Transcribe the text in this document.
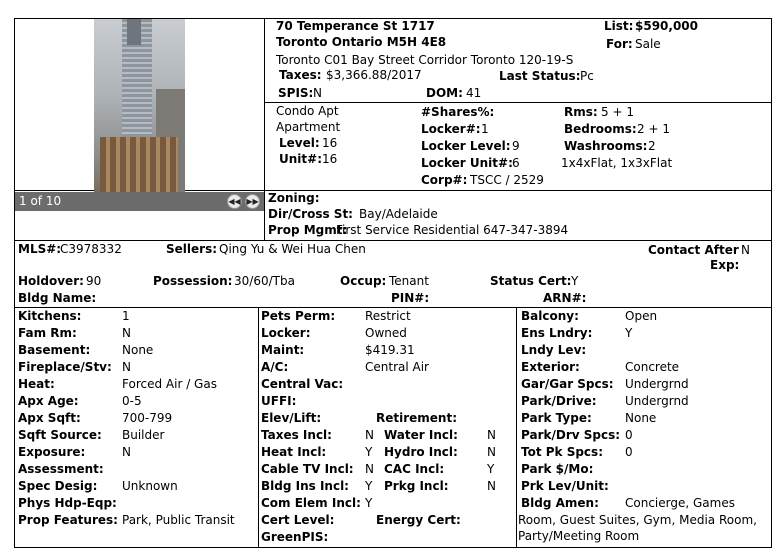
1 of 10	◀◀ ▶▶
70 Temperance St 1717
Toronto Ontario M5H 4E8
Toronto C01 Bay Street Corridor Toronto 120-19-S
List: $590,000
For: Sale
Taxes: $3,366.88/2017	Last Status: Pc
SPIS: N	DOM: 41
Condo Apt
Apartment
Level: 16
Unit#: 16
#Shares%:
Locker#: 1
Locker Level: 9
Locker Unit#: 6
Corp#: TSCC / 2529
Rms: 5 + 1
Bedrooms: 2 + 1
Washrooms: 2
1x4xFlat, 1x3xFlat
Zoning:
Dir/Cross St: Bay/Adelaide
Prop Mgmt:
First Service Residential 647-347-3894
MLS#:
C3978332	Sellers: Qing Yu & Wei Hua Chen	Contact After N
Exp:
Holdover: 90	Possession: 30/60/Tba	Occup: Tenant	Status Cert: Y
Bldg Name:	PIN#:	ARN#:
Kitchens:	1
Fam Rm:	N
Basement:	None
Fireplace/Stv: N
Heat:	Forced Air / Gas
Apx Age:	0-5
Apx Sqft:	700-799
Sqft Source: Builder
Exposure:	N
Assessment:
Spec Desig: Unknown
Phys Hdp-Eqp:
Prop Features: Park, Public Transit
Pets Perm: Restrict
Locker:	Owned
Maint:	$419.31
A/C:	Central Air
Central Vac:
UFFI:
Elev/Lift:	Retirement:
Taxes Incl:	N Water Incl: N
Heat Incl:	Y Hydro Incl: N
Cable TV Incl: N CAC Incl:	Y
Bldg Ins Incl: Y Prkg Incl:	N
Com Elem Incl: Y
Cert Level:	Energy Cert:
GreenPIS:
Balcony:	Open
Ens Lndry:	Y
Lndy Lev:
Exterior:	Concrete
Gar/Gar Spcs: Undergrnd
Park/Drive: Undergrnd
Park Type:	None
Park/Drv Spcs: 0
Tot Pk Spcs: 0
Park $/Mo:
Prk Lev/Unit:
Bldg Amen: Concierge, Games
Room, Guest Suites, Gym, Media Room,
Party/Meeting Room
